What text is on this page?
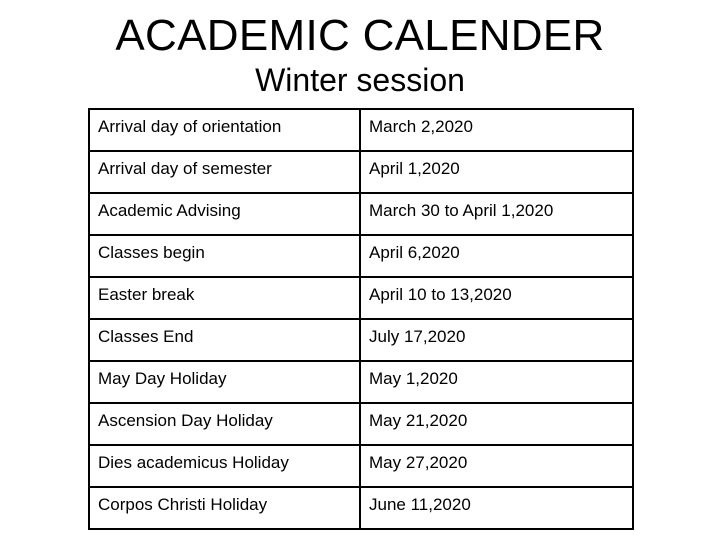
ACADEMIC CALENDER
Winter session
Arrival day of orientation	March 2,2020
Arrival day of semester	April 1,2020
Academic Advising	March 30 to April 1,2020
Classes begin	April 6,2020
Easter break	April 10 to 13,2020
Classes End	July 17,2020
May Day Holiday	May 1,2020
Ascension Day Holiday	May 21,2020
Dies academicus Holiday	May 27,2020
Corpos Christi Holiday	June 11,2020
